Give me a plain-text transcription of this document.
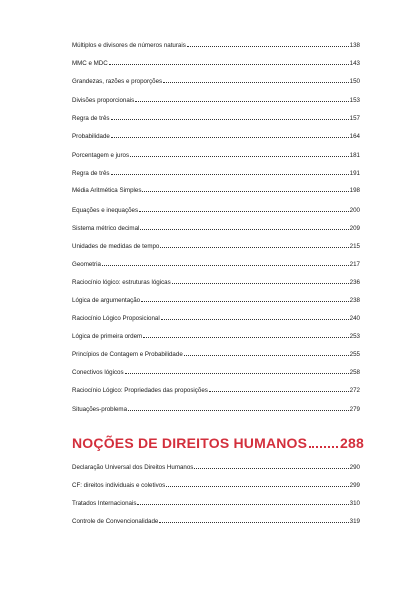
Múltiplos e divisores de números naturais	138
MMC e MDC	143
Grandezas, razões e proporções	150
Divisões proporcionais	153
Regra de três	157
Probabilidade	164
Porcentagem e juros	181
Regra de três	191
Média Aritmética Simples	198
Equações e inequações	200
Sistema métrico decimal	209
Unidades de medidas de tempo	215
Geometria	217
Raciocínio lógico: estruturas lógicas	236
Lógica de argumentação	238
Raciocínio Lógico Proposicional	240
Lógica de primeira ordem	253
Princípios de Contagem e Probabilidade	255
Conectivos lógicos	258
Raciocínio Lógico: Propriedades das proposições	272
Situações-problema	279
NOÇÕES DE DIREITOS HUMANOS 288
Declaração Universal dos Direitos Humanos	290
CF: direitos individuais e coletivos	299
Tratados Internacionais	310
Controle de Convencionalidade	319
